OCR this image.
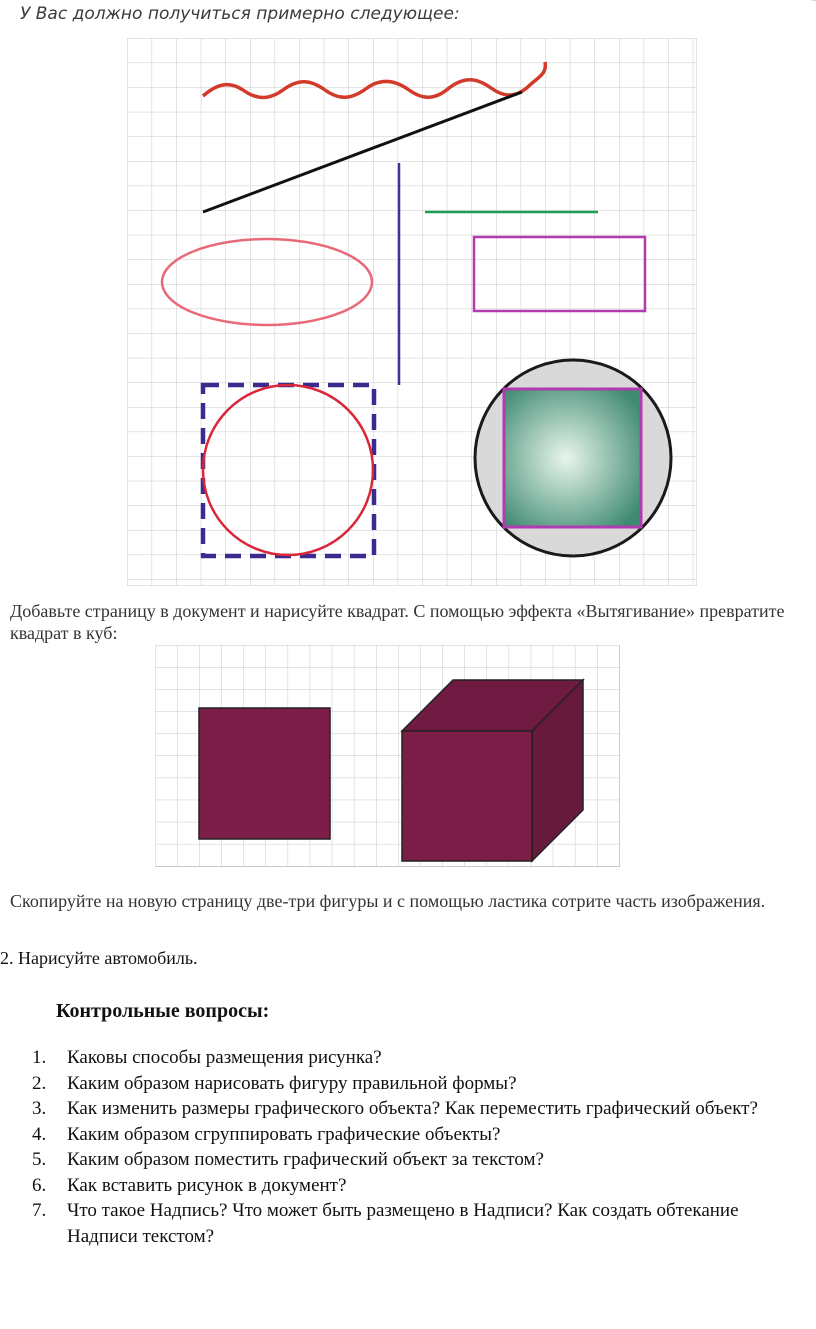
У Вас должно получиться примерно следующее:
Добавьте страницу в документ и нарисуйте квадрат. С помощью эффекта «Вытягивание» превратите квадрат в куб:
Скопируйте на новую страницу две-три фигуры и с помощью ластика сотрите часть изображения.
2. Нарисуйте автомобиль.
Контрольные вопросы:
1. Каковы способы размещения рисунка?
2. Каким образом нарисовать фигуру правильной формы?
3. Как изменить размеры графического объекта? Как переместить графический объект?
4. Каким образом сгруппировать графические объекты?
5. Каким образом поместить графический объект за текстом?
6. Как вставить рисунок в документ?
7. Что такое Надпись? Что может быть размещено в Надписи? Как создать обтекание Надписи текстом?
